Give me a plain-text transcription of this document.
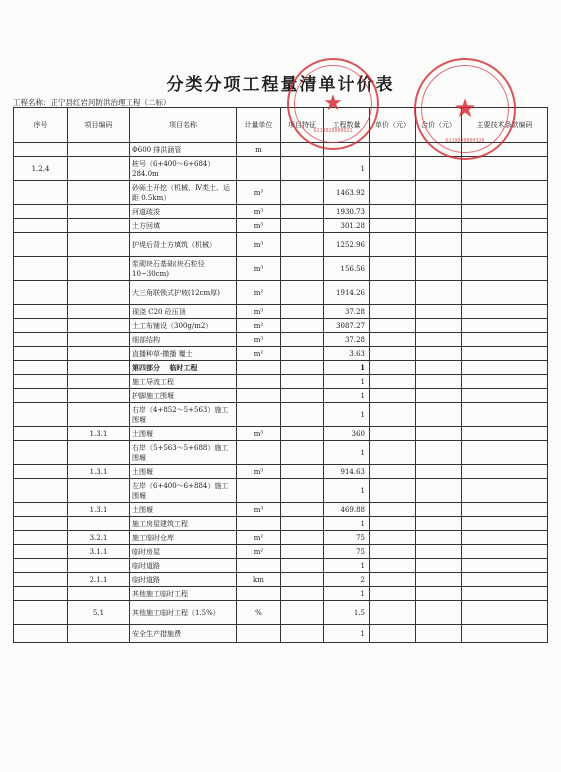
分类分项工程量清单计价表
工程名称：正宁县红岩河防洪治理工程（二标）
序号	项目编码	项目名称	计量单位	项目特征	工程数量	单价（元）	合价（元）	主要技术条款编码
		Φ600 排洪涵管	m					
1.2.4		桩号（6+400～6+684）284.0m			1			
		砂砾土开挖（机械、Ⅳ类土、运距 0.5km）	m³		1463.92			
		河道疏浚	m³		1930.73			
		土方回填	m³		301.28			
		护堤后背土方填筑（机械）	m³		1252.96			
		浆砌块石基础(块石粒径10~30cm)	m³		156.56			
		大三角联锁式护坡(12cm厚)	m²		1914.26			
		现浇 C20 砼压顶	m³		37.28			
		土工布铺设（300g/m2）	m²		3087.27			
		细部结构	m³		37.28			
		直播种草-撒播 覆土	m²		3.63			
		第四部分　 临时工程			1			
		施工导流工程			1			
		护脚施工围堰			1			
		右岸（4+852～5+563）施工围堰			1			
	1.3.1	土围堰	m³		360			
		右岸（5+563～5+688）施工围堰			1			
	1.3.1	土围堰	m³		914.63			
		左岸（6+400～6+884）施工围堰			1			
	1.3.1	土围堰	m³		469.88			
		施工房屋建筑工程			1			
	3.2.1	施工临时仓库	m²		75			
	3.1.1	临时房屋	m²		75			
		临时道路			1			
	2.1.1	临时道路	km		2			
		其他施工临时工程			1			
	5.1	其他施工临时工程（1.5%）	%		1.5			
		安全生产措施费			1			
★
6219020000021
★
6219020000320
